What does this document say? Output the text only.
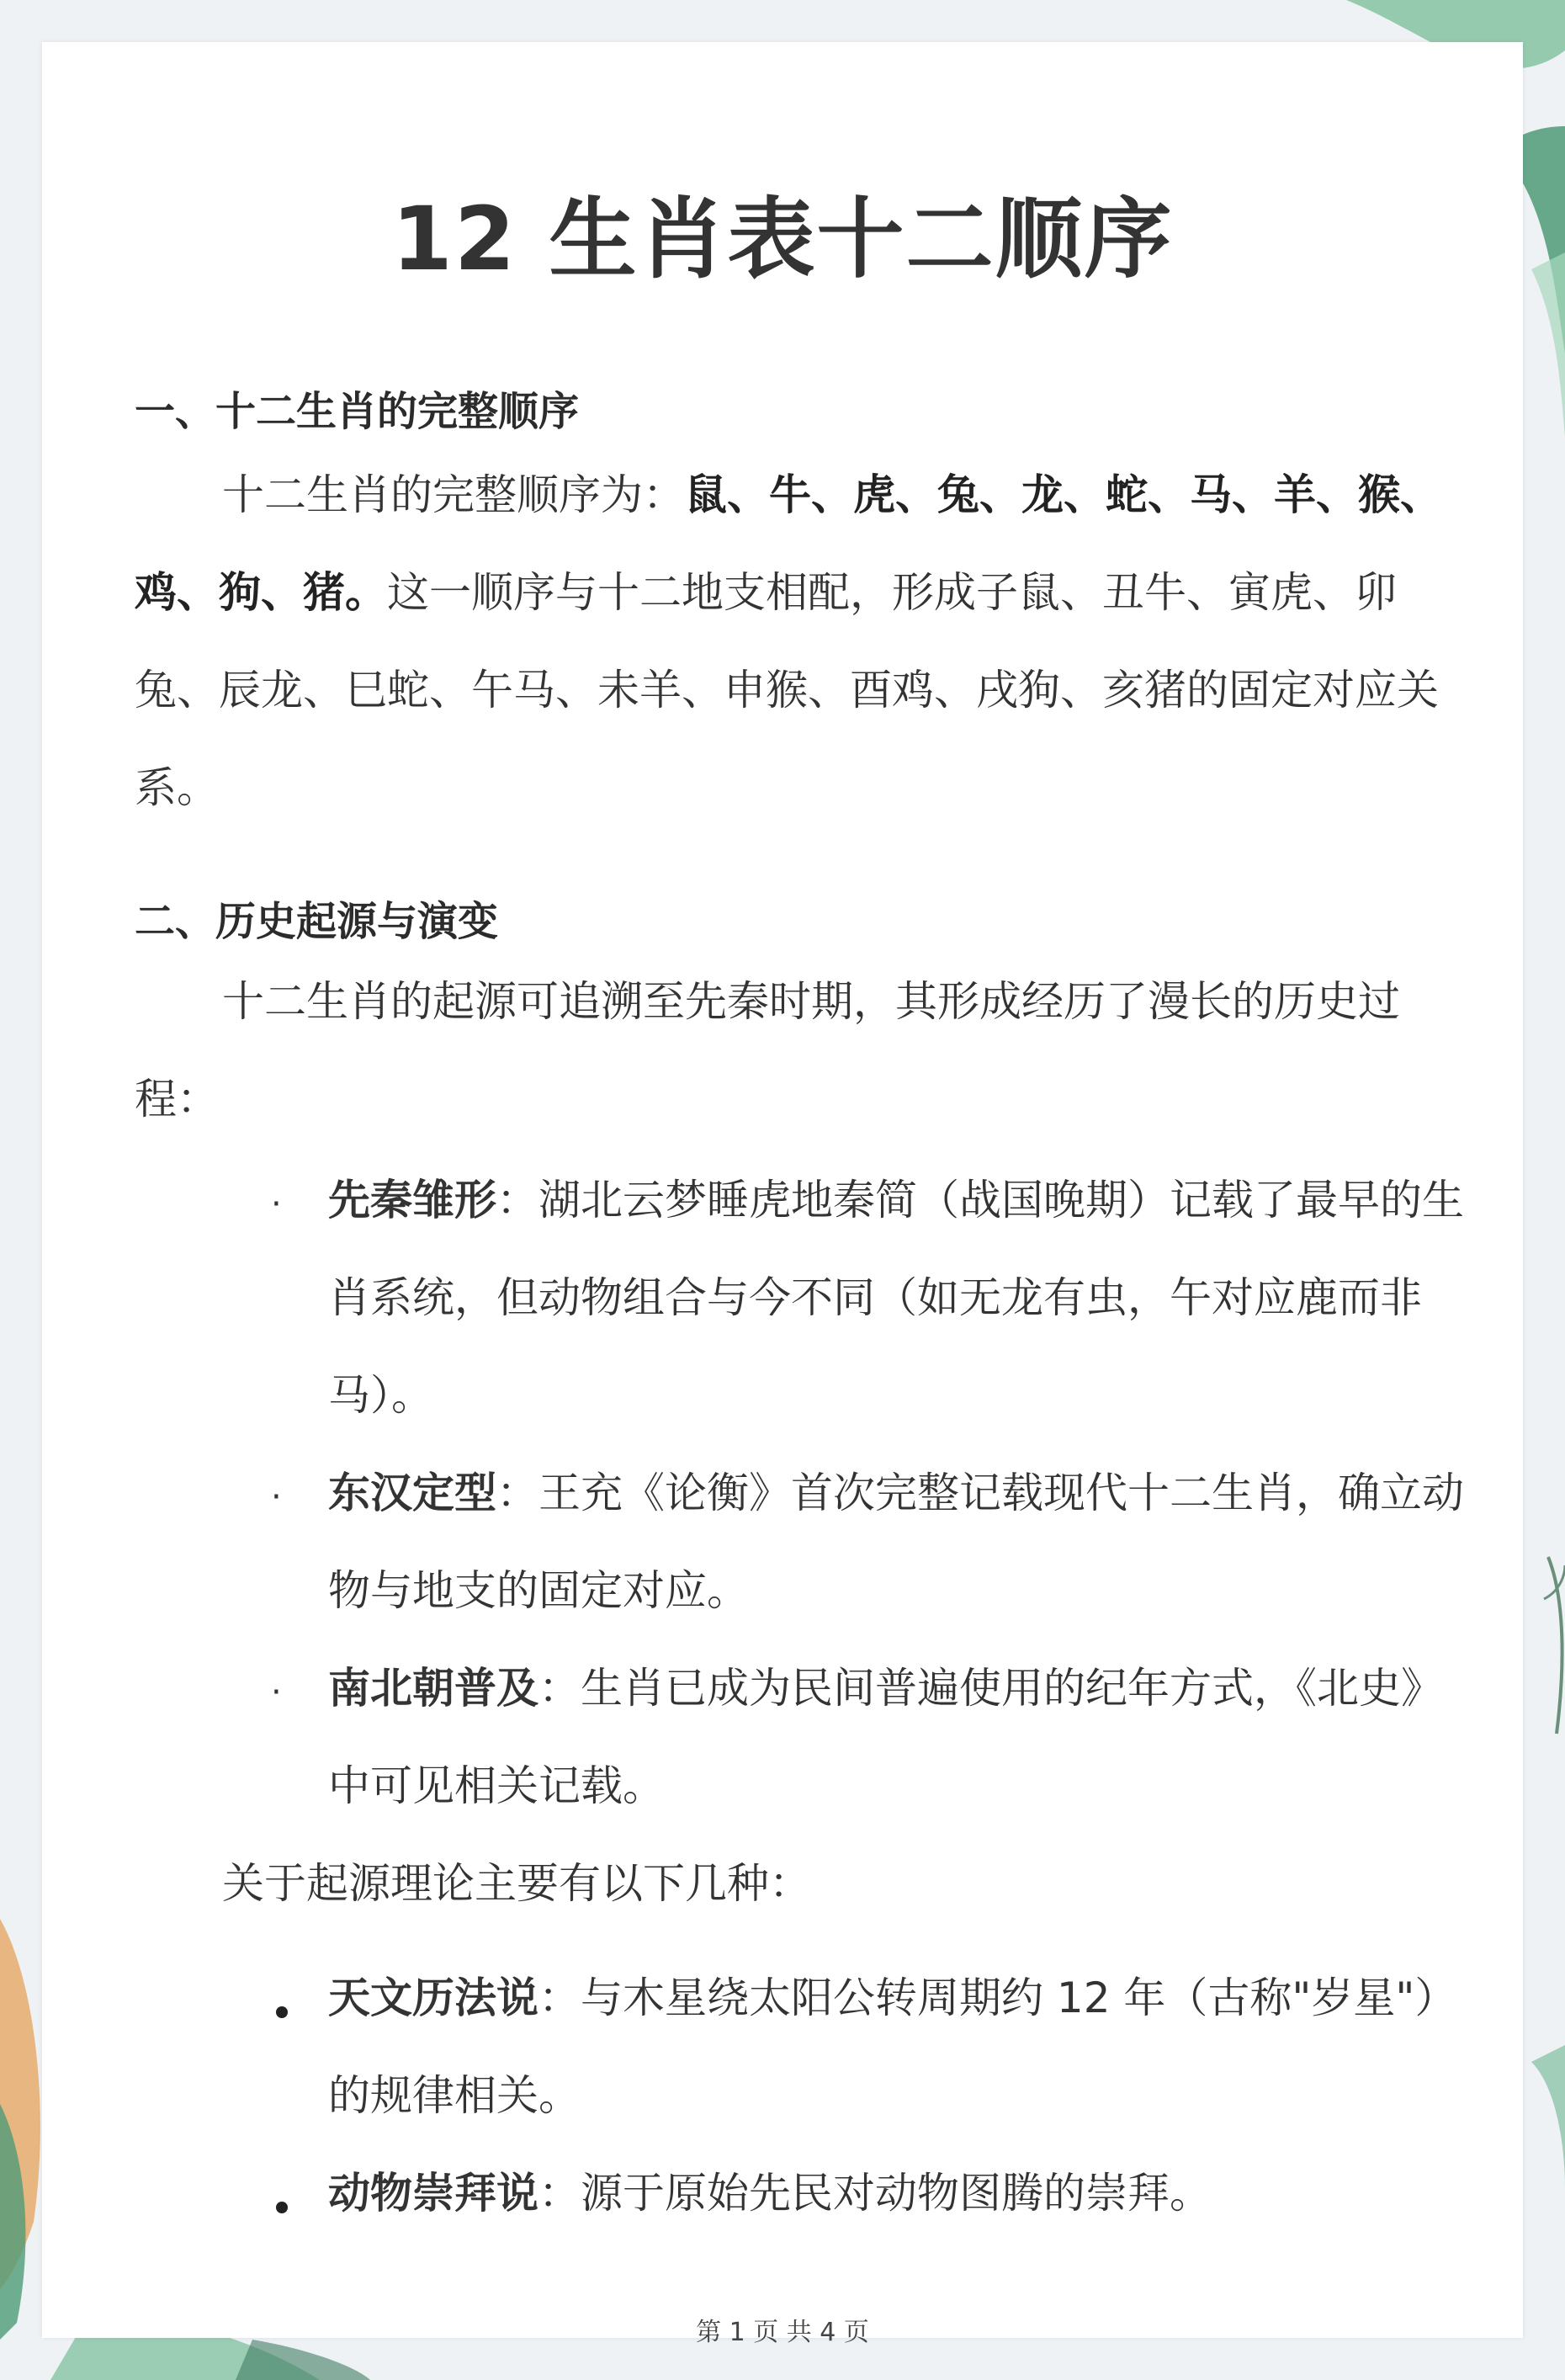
12 生肖表十二顺序
一、十二生肖的完整顺序
十二生肖的完整顺序为：鼠、牛、虎、兔、龙、蛇、马、羊、猴、鸡、狗、猪。这一顺序与十二地支相配，形成子鼠、丑牛、寅虎、卯兔、辰龙、巳蛇、午马、未羊、申猴、酉鸡、戌狗、亥猪的固定对应关系。
二、历史起源与演变
十二生肖的起源可追溯至先秦时期，其形成经历了漫长的历史过程：
· 先秦雏形：湖北云梦睡虎地秦简（战国晚期）记载了最早的生肖系统，但动物组合与今不同（如无龙有虫，午对应鹿而非马）。
· 东汉定型：王充《论衡》首次完整记载现代十二生肖，确立动物与地支的固定对应。
· 南北朝普及：生肖已成为民间普遍使用的纪年方式，《北史》中可见相关记载。
关于起源理论主要有以下几种：
天文历法说：与木星绕太阳公转周期约 12 年（古称"岁星"）的规律相关。
动物崇拜说：源于原始先民对动物图腾的崇拜。
第 1 页 共 4 页
